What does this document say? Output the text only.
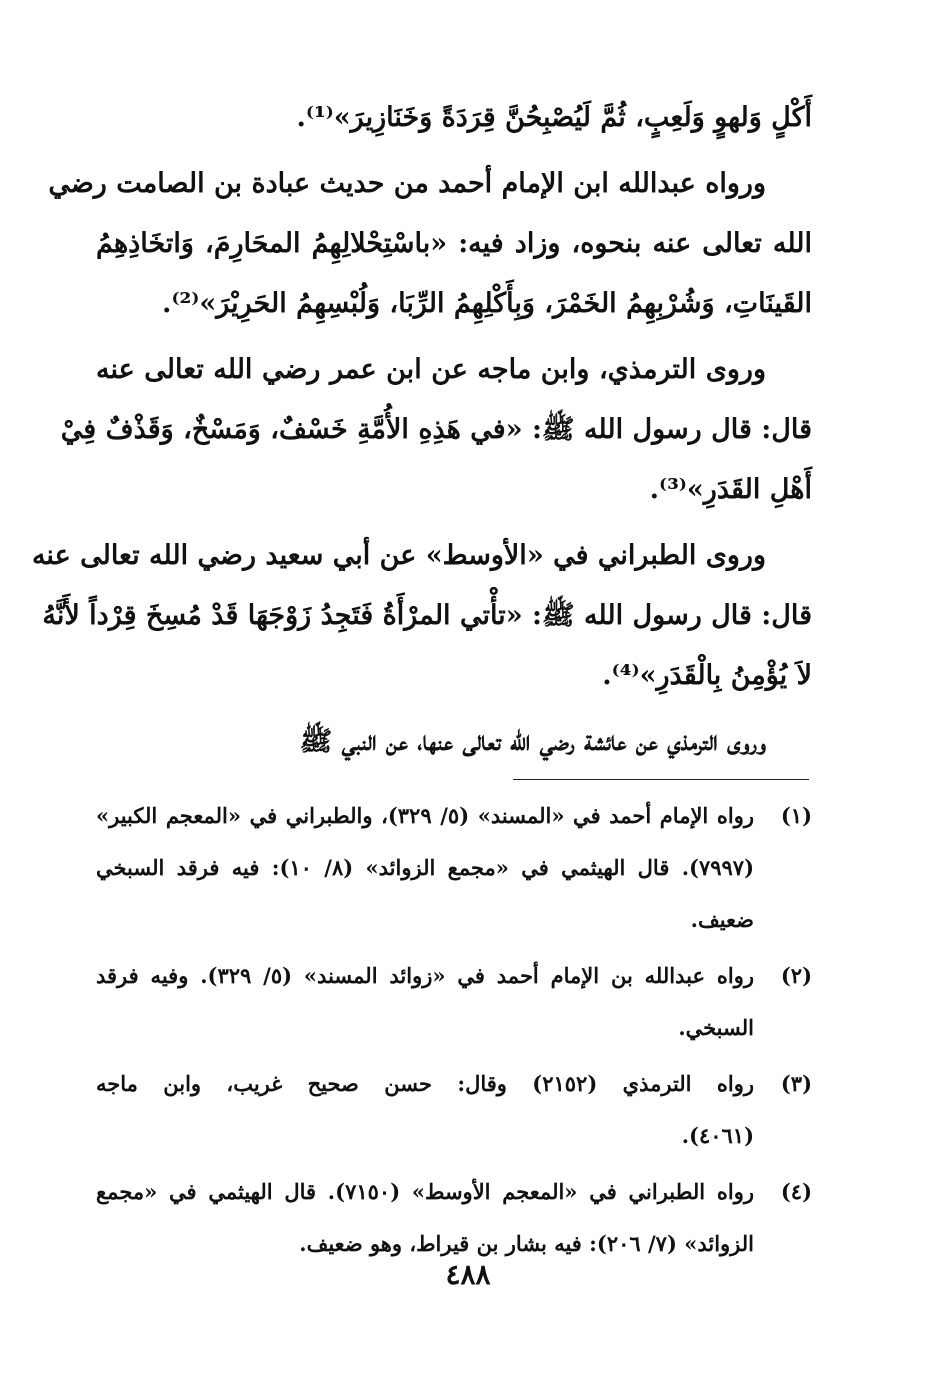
أَكْلٍ وَلهوٍ وَلَعِبٍ، ثُمَّ لَيُصْبِحُنَّ قِرَدَةً وَخَنَازِيرَ»⁽¹⁾.
ورواه عبدالله ابن الإمام أحمد من حديث عبادة بن الصامت رضي
الله تعالى عنه بنحوه، وزاد فيه: «باسْتِحْلالِهِمُ المحَارِمَ، وَاتخَاذِهِمُ
القَينَاتِ، وَشُرْبِهِمُ الخَمْرَ، وَبِأَكْلِهِمُ الرِّبَا، وَلُبْسِهِمُ الحَرِيْرَ»⁽²⁾.
وروى الترمذي، وابن ماجه عن ابن عمر رضي الله تعالى عنه
قال: قال رسول الله ﷺ: «في هَذِهِ الأُمَّةِ خَسْفٌ، وَمَسْخٌ، وَقَذْفٌ فِيْ
أَهْلِ القَدَرِ»⁽³⁾.
وروى الطبراني في «الأوسط» عن أبي سعيد رضي الله تعالى عنه
قال: قال رسول الله ﷺ: «تأْتي المرْأَةُ فَتَجِدُ زَوْجَهَا قَدْ مُسِخَ قِرْداً لأَنَّهُ
لاَ يُؤْمِنُ بِالْقَدَرِ»⁽⁴⁾.
وروى الترمذي عن عائشة رضي الله تعالى عنها، عن النبي ﷺ
(١)
رواه الإمام أحمد في «المسند» (٥/ ٣٢٩)، والطبراني في «المعجم الكبير»
(٧٩٩٧). قال الهيثمي في «مجمع الزوائد» (٨/ ١٠): فيه فرقد السبخي
ضعيف.
(٢)
رواه عبدالله بن الإمام أحمد في «زوائد المسند» (٥/ ٣٢٩). وفيه فرقد
السبخي.
(٣)
رواه الترمذي (٢١٥٢) وقال: حسن صحيح غريب، وابن ماجه
(٤٠٦١).
(٤)
رواه الطبراني في «المعجم الأوسط» (٧١٥٠). قال الهيثمي في «مجمع
الزوائد» (٧/ ٢٠٦): فيه بشار بن قيراط، وهو ضعيف.
٤٨٨
